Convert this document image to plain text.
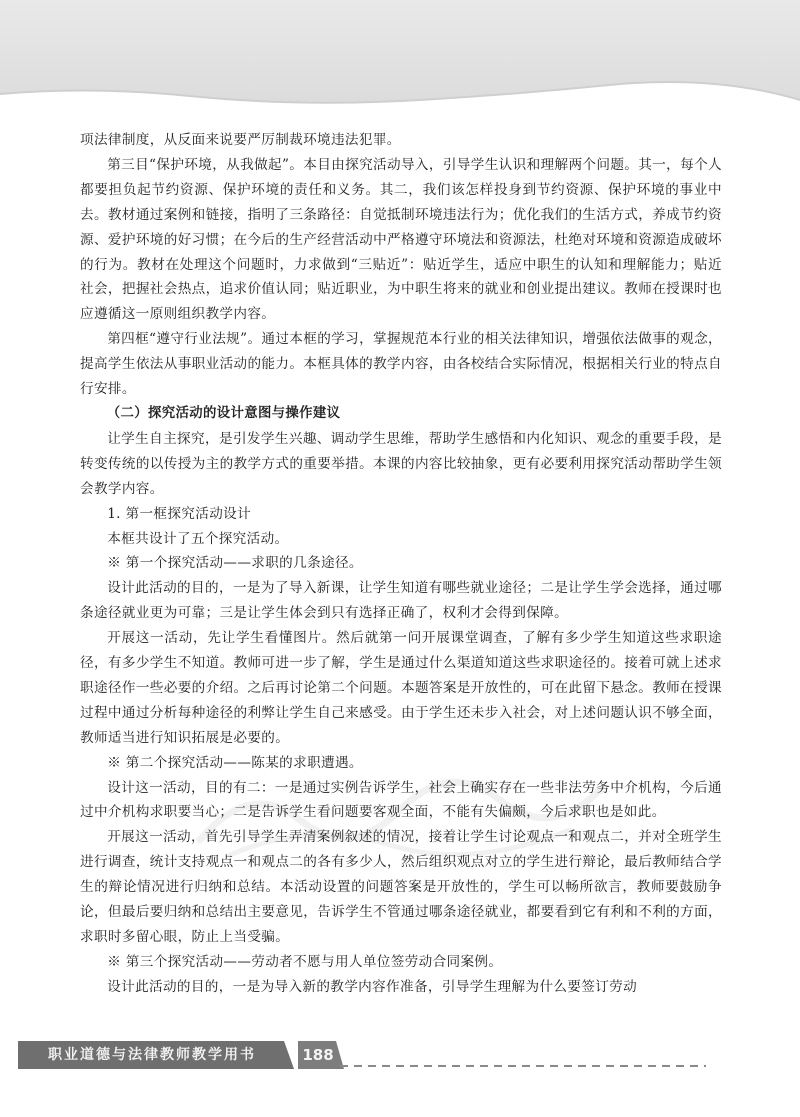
项法律制度，从反面来说要严厉制裁环境违法犯罪。

第三目“保护环境，从我做起”。本目由探究活动导入，引导学生认识和理解两个问题。其一，每个人都要担负起节约资源、保护环境的责任和义务。其二，我们该怎样投身到节约资源、保护环境的事业中去。教材通过案例和链接，指明了三条路径：自觉抵制环境违法行为；优化我们的生活方式，养成节约资源、爱护环境的好习惯；在今后的生产经营活动中严格遵守环境法和资源法，杜绝对环境和资源造成破坏的行为。教材在处理这个问题时，力求做到“三贴近”：贴近学生，适应中职生的认知和理解能力；贴近社会，把握社会热点，追求价值认同；贴近职业，为中职生将来的就业和创业提出建议。教师在授课时也应遵循这一原则组织教学内容。

第四框“遵守行业法规”。通过本框的学习，掌握规范本行业的相关法律知识，增强依法做事的观念，提高学生依法从事职业活动的能力。本框具体的教学内容，由各校结合实际情况，根据相关行业的特点自行安排。

（二）探究活动的设计意图与操作建议

让学生自主探究，是引发学生兴趣、调动学生思维，帮助学生感悟和内化知识、观念的重要手段，是转变传统的以传授为主的教学方式的重要举措。本课的内容比较抽象，更有必要利用探究活动帮助学生领会教学内容。

1. 第一框探究活动设计

本框共设计了五个探究活动。

※ 第一个探究活动——求职的几条途径。

设计此活动的目的，一是为了导入新课，让学生知道有哪些就业途径；二是让学生学会选择，通过哪条途径就业更为可靠；三是让学生体会到只有选择正确了，权利才会得到保障。

开展这一活动，先让学生看懂图片。然后就第一问开展课堂调查，了解有多少学生知道这些求职途径，有多少学生不知道。教师可进一步了解，学生是通过什么渠道知道这些求职途径的。接着可就上述求职途径作一些必要的介绍。之后再讨论第二个问题。本题答案是开放性的，可在此留下悬念。教师在授课过程中通过分析每种途径的利弊让学生自己来感受。由于学生还未步入社会，对上述问题认识不够全面，教师适当进行知识拓展是必要的。

※ 第二个探究活动——陈某的求职遭遇。

设计这一活动，目的有二：一是通过实例告诉学生，社会上确实存在一些非法劳务中介机构，今后通过中介机构求职要当心；二是告诉学生看问题要客观全面，不能有失偏颇，今后求职也是如此。

开展这一活动，首先引导学生弄清案例叙述的情况，接着让学生讨论观点一和观点二，并对全班学生进行调查，统计支持观点一和观点二的各有多少人，然后组织观点对立的学生进行辩论，最后教师结合学生的辩论情况进行归纳和总结。本活动设置的问题答案是开放性的，学生可以畅所欲言，教师要鼓励争论，但最后要归纳和总结出主要意见，告诉学生不管通过哪条途径就业，都要看到它有利和不利的方面，求职时多留心眼，防止上当受骗。

※ 第三个探究活动——劳动者不愿与用人单位签劳动合同案例。

设计此活动的目的，一是为导入新的教学内容作准备，引导学生理解为什么要签订劳动

职业道德与法律教师教学用书	188
